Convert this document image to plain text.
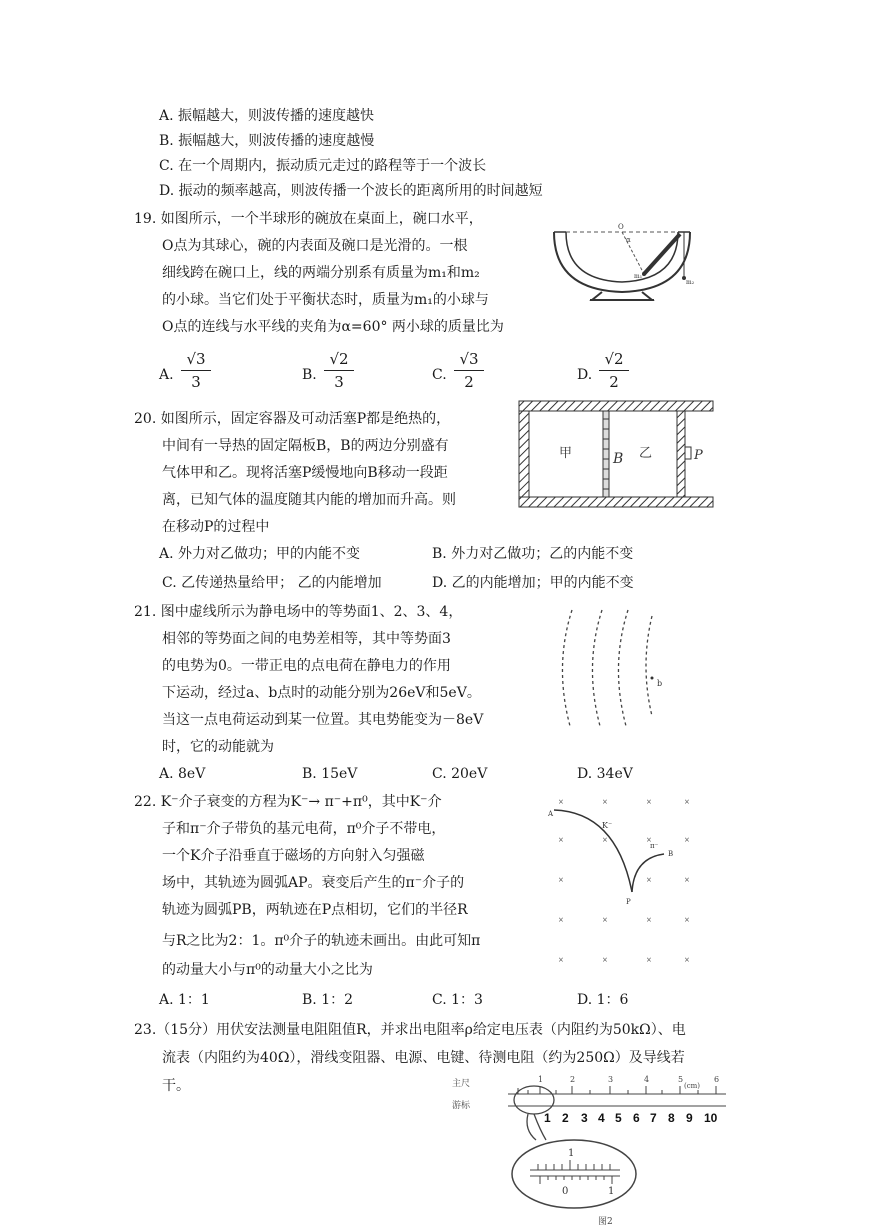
A. 振幅越大，则波传播的速度越快
B. 振幅越大，则波传播的速度越慢
C. 在一个周期内，振动质元走过的路程等于一个波长
D. 振动的频率越高，则波传播一个波长的距离所用的时间越短
19. 如图所示，一个半球形的碗放在桌面上，碗口水平，
O点为其球心，碗的内表面及碗口是光滑的。一根
细线跨在碗口上，线的两端分别系有质量为m₁和m₂
的小球。当它们处于平衡状态时，质量为m₁的小球与
O点的连线与水平线的夹角为α=60° 两小球的质量比为
A. $\frac{√3}{3}$	B. $\frac{√2}{3}$	C. $\frac{√3}{2}$	D. $\frac{√2}{2}$
O
α
m₁
m₂
20. 如图所示，固定容器及可动活塞P都是绝热的，
中间有一导热的固定隔板B，B的两边分别盛有
气体甲和乙。现将活塞P缓慢地向B移动一段距
离，已知气体的温度随其内能的增加而升高。则
在移动P的过程中
A. 外力对乙做功；甲的内能不变	B. 外力对乙做功；乙的内能不变
C. 乙传递热量给甲； 乙的内能增加	D. 乙的内能增加；甲的内能不变
甲	B 乙	P
21. 图中虚线所示为静电场中的等势面1、2、3、4，
相邻的等势面之间的电势差相等，其中等势面3
的电势为0。一带正电的点电荷在静电力的作用
下运动，经过a、b点时的动能分别为26eV和5eV。
当这一点电荷运动到某一位置。其电势能变为－8eV
时，它的动能就为
A. 8eV	B. 15eV	C. 20eV	D. 34eV
b
22. K⁻介子衰变的方程为K⁻→ π⁻+π⁰，其中K⁻介
子和π⁻介子带负的基元电荷，π⁰介子不带电，
一个K介子沿垂直于磁场的方向射入匀强磁
场中，其轨迹为圆弧AP。衰变后产生的π⁻介子的
轨迹为圆弧PB，两轨迹在P点相切，它们的半径R
与R之比为2：1。π⁰介子的轨迹未画出。由此可知π
的动量大小与π⁰的动量大小之比为
A. 1：1	B. 1：2	C. 1：3	D. 1：6
×	×	×	×
×	×	×	×
×	×	×
×	×	×	×
×	×	×	×
A
K⁻
π⁻
B
P
23.（15分）用伏安法测量电阻阻值R，并求出电阻率ρ给定电压表（内阻约为50kΩ）、电
流表（内阻约为40Ω），滑线变阻器、电源、电键、待测电阻（约为250Ω）及导线若
干。	主尺
游标
(cm)
1	2	3	4	5	6
1 2 3 4 5 6 7 8 9 10
1
0	1
图2
